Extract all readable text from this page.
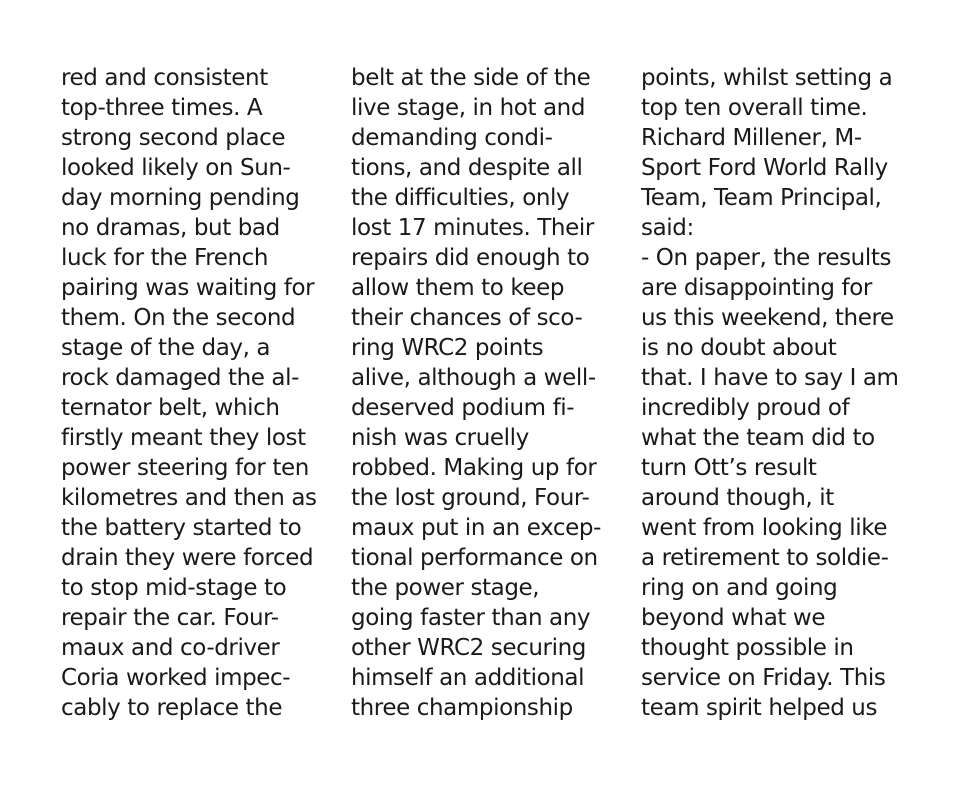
red and consistent
top-three times. A
strong second place
looked likely on Sun-
day morning pending
no dramas, but bad
luck for the French
pairing was waiting for
them. On the second
stage of the day, a
rock damaged the al-
ternator belt, which
firstly meant they lost
power steering for ten
kilometres and then as
the battery started to
drain they were forced
to stop mid-stage to
repair the car. Four-
maux and co-driver
Coria worked impec-
cably to replace the
belt at the side of the
live stage, in hot and
demanding condi-
tions, and despite all
the difficulties, only
lost 17 minutes. Their
repairs did enough to
allow them to keep
their chances of sco-
ring WRC2 points
alive, although a well-
deserved podium fi-
nish was cruelly
robbed. Making up for
the lost ground, Four-
maux put in an excep-
tional performance on
the power stage,
going faster than any
other WRC2 securing
himself an additional
three championship
points, whilst setting a
top ten overall time.
Richard Millener, M-
Sport Ford World Rally
Team, Team Principal,
said:
- On paper, the results
are disappointing for
us this weekend, there
is no doubt about
that. I have to say I am
incredibly proud of
what the team did to
turn Ott’s result
around though, it
went from looking like
a retirement to soldie-
ring on and going
beyond what we
thought possible in
service on Friday. This
team spirit helped us
